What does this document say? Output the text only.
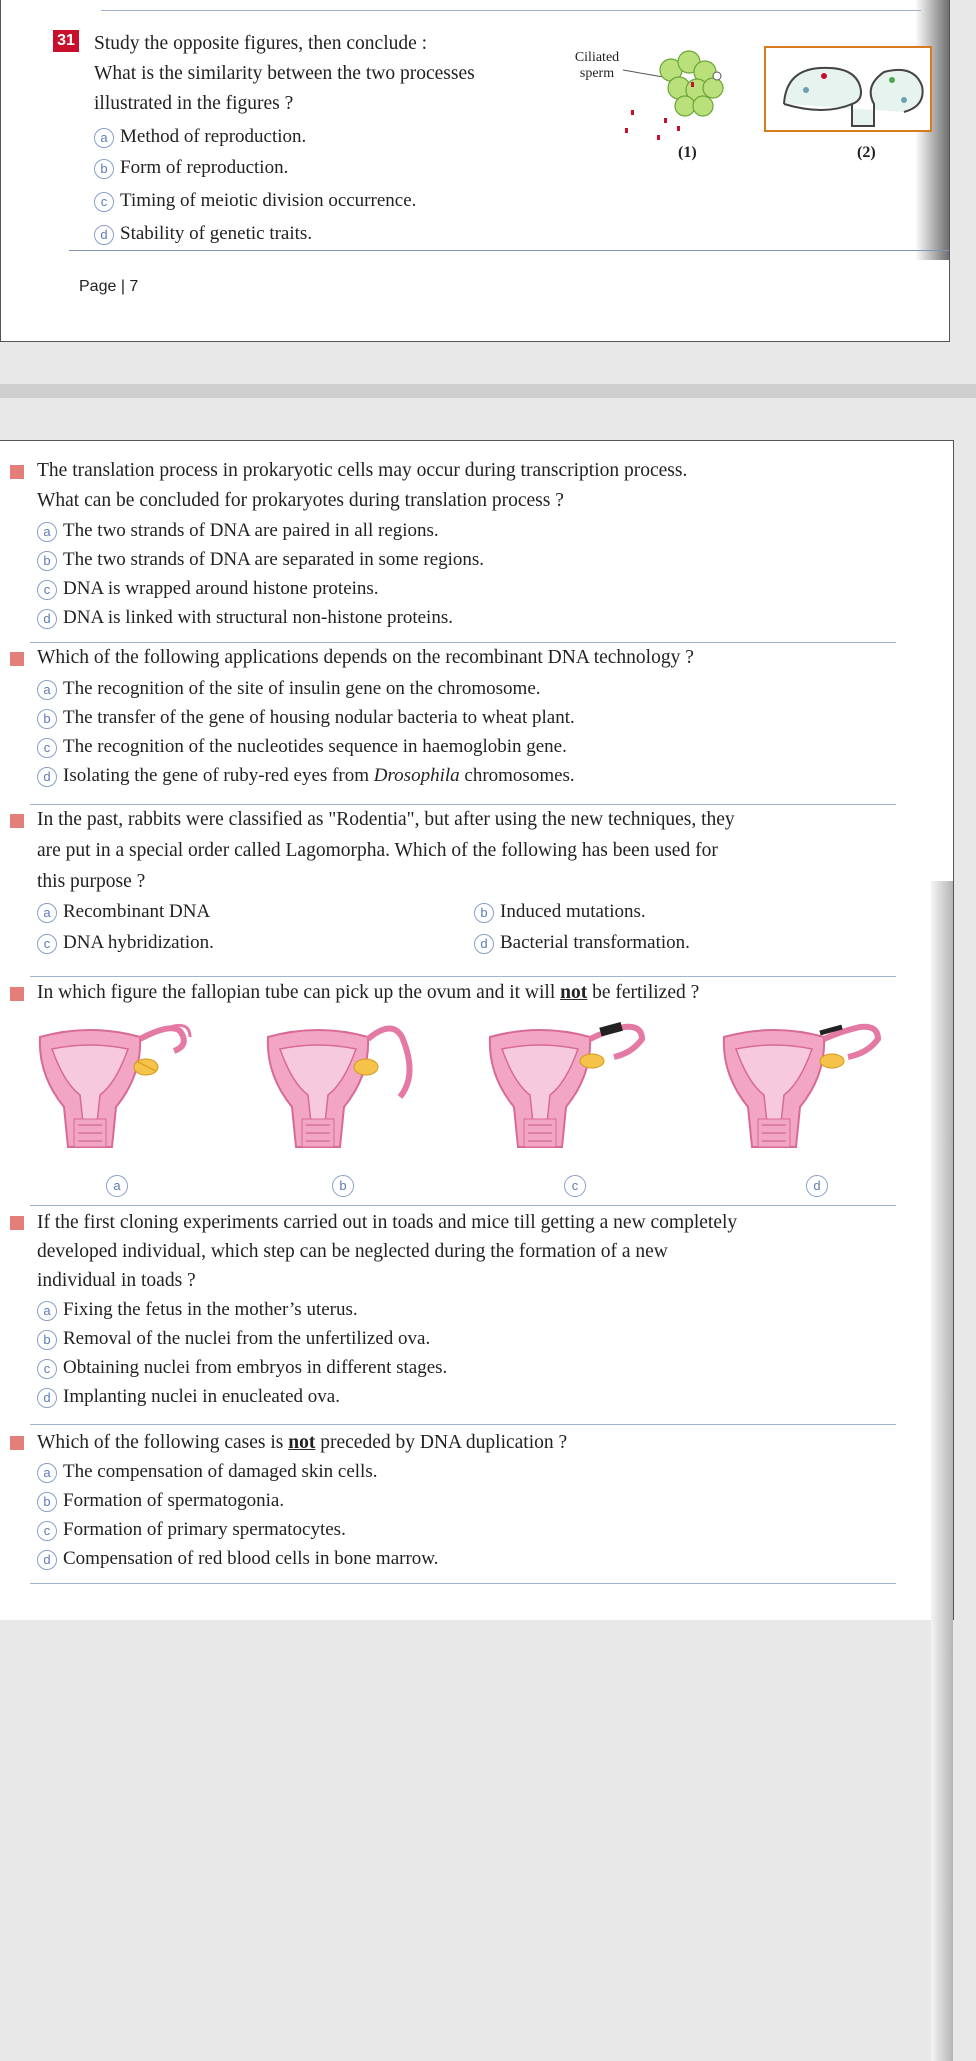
31 Study the opposite figures, then conclude :
What is the similarity between the two processes
illustrated in the figures ?
a Method of reproduction.
b Form of reproduction.
c Timing of meiotic division occurrence.
d Stability of genetic traits.
Ciliated sperm
(1)	(2)
Page | 7
The translation process in prokaryotic cells may occur during transcription process.
What can be concluded for prokaryotes during translation process ?
a The two strands of DNA are paired in all regions.
b The two strands of DNA are separated in some regions.
c DNA is wrapped around histone proteins.
d DNA is linked with structural non-histone proteins.
Which of the following applications depends on the recombinant DNA technology ?
a The recognition of the site of insulin gene on the chromosome.
b The transfer of the gene of housing nodular bacteria to wheat plant.
c The recognition of the nucleotides sequence in haemoglobin gene.
d Isolating the gene of ruby-red eyes from Drosophila chromosomes.
In the past, rabbits were classified as "Rodentia", but after using the new techniques, they
are put in a special order called Lagomorpha. Which of the following has been used for
this purpose ?
a Recombinant DNA	b Induced mutations.
c DNA hybridization.	d Bacterial transformation.
In which figure the fallopian tube can pick up the ovum and it will not be fertilized ?
a	b	c	d
If the first cloning experiments carried out in toads and mice till getting a new completely
developed individual, which step can be neglected during the formation of a new
individual in toads ?
a Fixing the fetus in the mother’s uterus.
b Removal of the nuclei from the unfertilized ova.
c Obtaining nuclei from embryos in different stages.
d Implanting nuclei in enucleated ova.
Which of the following cases is not preceded by DNA duplication ?
a The compensation of damaged skin cells.
b Formation of spermatogonia.
c Formation of primary spermatocytes.
d Compensation of red blood cells in bone marrow.
